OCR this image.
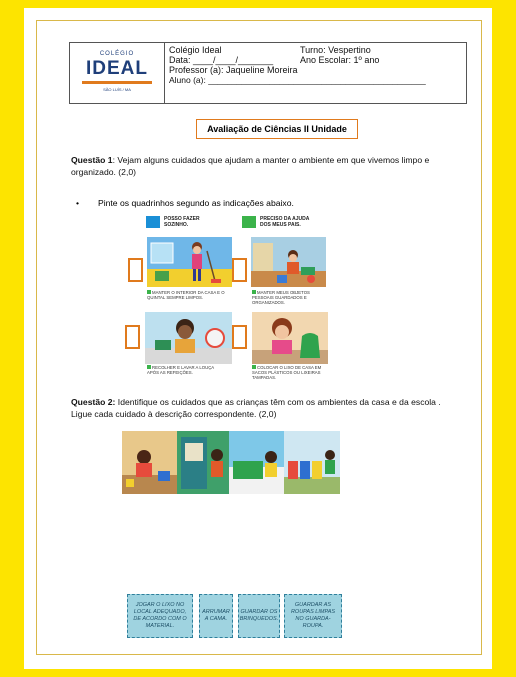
COLÉGIO
IDEAL
SÃO LUÍS / MA
Colégio Ideal	Turno: Vespertino
Data: ____/____/_______	Ano Escolar: 1º ano
Professor (a): Jaqueline Moreira
Aluno (a): ______________________________________________
Avaliação de Ciências II Unidade
Questão 1: Vejam alguns cuidados que ajudam a manter o ambiente em que vivemos limpo e organizado. (2,0)
• Pinte os quadrinhos segundo as indicações abaixo.
POSSO FAZER SOZINHO.
PRECISO DA AJUDA DOS MEUS PAIS.
MANTER O INTERIOR DA CASA E O QUINTAL SEMPRE LIMPOS.
MANTER MEUS OBJETOS PESSOAIS GUARDADOS E ORGANIZADOS.
RECOLHER E LAVAR A LOUÇA APÓS AS REFEIÇÕES.
COLOCAR O LIXO DE CASA EM SACOS PLÁSTICOS OU LIXEIRAS TAMPADAS.
Questão 2: Identifique os cuidados que as crianças têm com os ambientes da casa e da escola . Ligue cada cuidado à descrição correspondente. (2,0)
JOGAR O LIXO NO LOCAL ADEQUADO, DE ACORDO COM O MATERIAL.
ARRUMAR A CAMA.
GUARDAR OS BRINQUEDOS.
GUARDAR AS ROUPAS LIMPAS NO GUARDA-ROUPA.
